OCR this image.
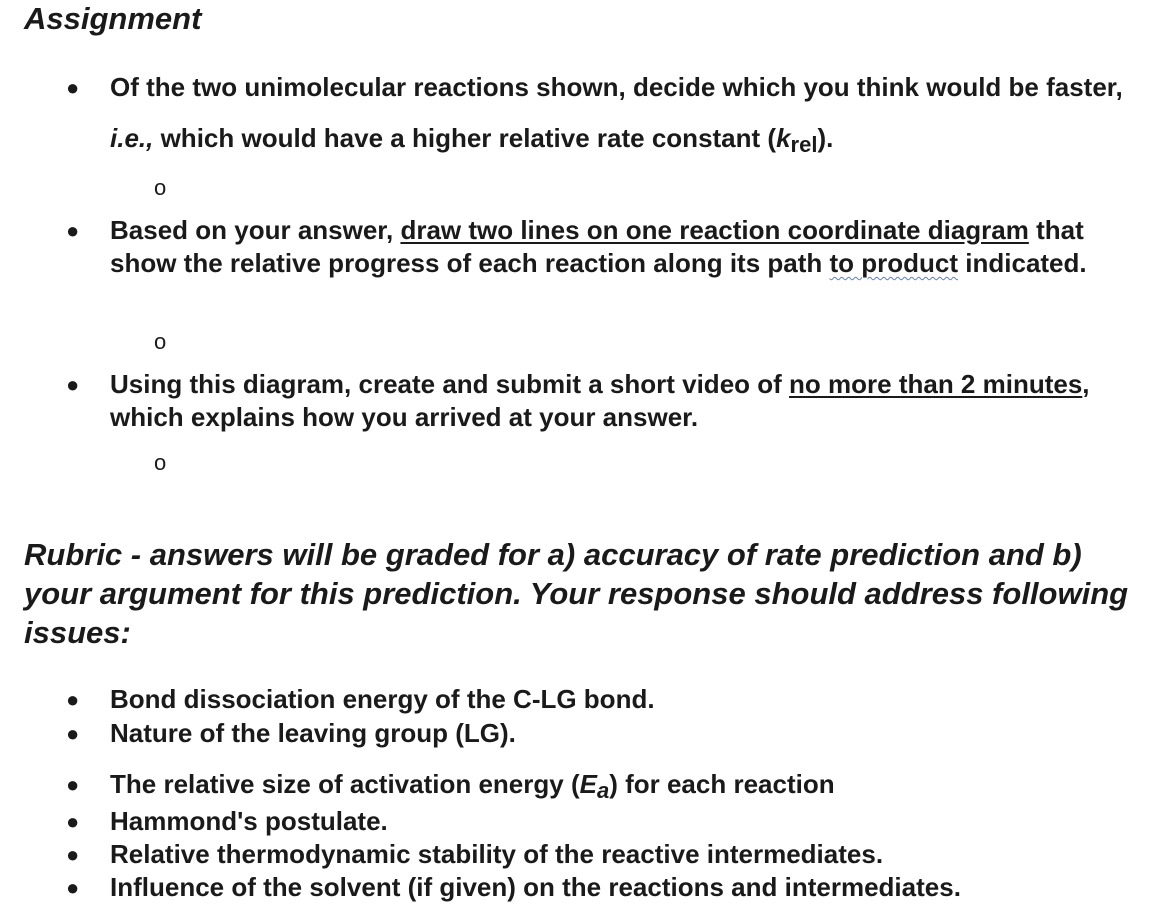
Assignment
● Of the two unimolecular reactions shown, decide which you think would be faster, i.e., which would have a higher relative rate constant (krel).
o
● Based on your answer, draw two lines on one reaction coordinate diagram that show the relative progress of each reaction along its path to product indicated.
o
● Using this diagram, create and submit a short video of no more than 2 minutes, which explains how you arrived at your answer.
o
Rubric - answers will be graded for a) accuracy of rate prediction and b) your argument for this prediction. Your response should address following issues:
● Bond dissociation energy of the C-LG bond.
● Nature of the leaving group (LG).
● The relative size of activation energy (Ea) for each reaction
● Hammond's postulate.
● Relative thermodynamic stability of the reactive intermediates.
● Influence of the solvent (if given) on the reactions and intermediates.
